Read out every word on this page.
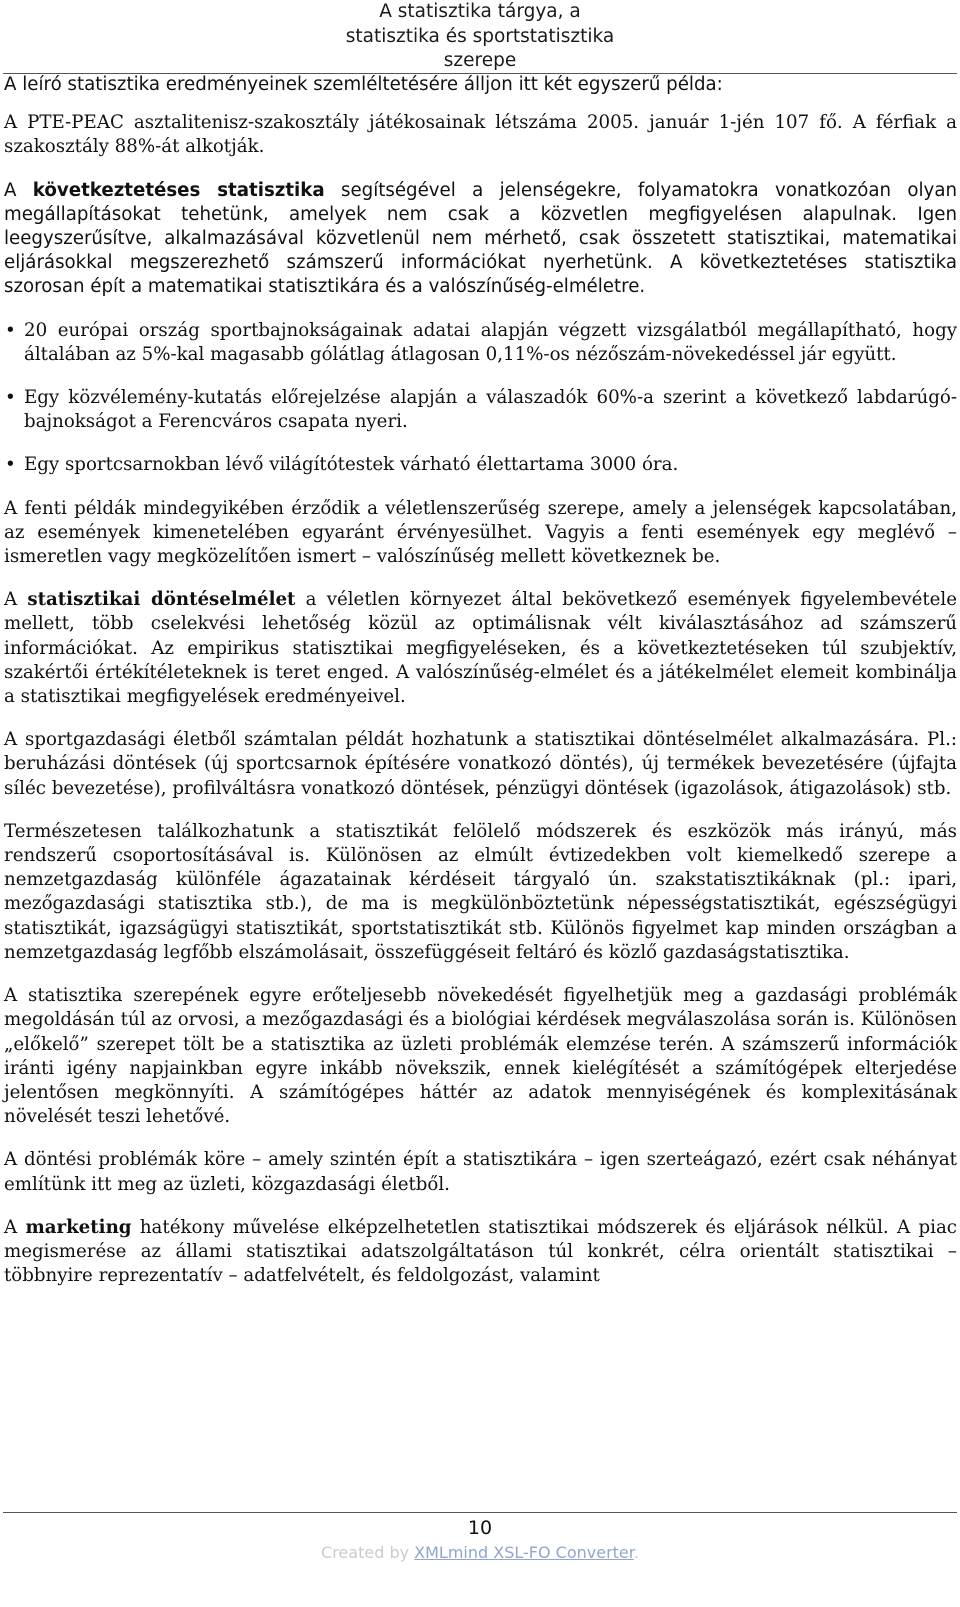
A statisztika tárgya, a
statisztika és sportstatisztika
szerepe

A leíró statisztika eredményeinek szemléltetésére álljon itt két egyszerű példa:

A PTE-PEAC asztalitenisz-szakosztály játékosainak létszáma 2005. január 1-jén 107 fő. A férfiak a szakosztály 88%-át alkotják.

A következtetéses statisztika segítségével a jelenségekre, folyamatokra vonatkozóan olyan megállapításokat tehetünk, amelyek nem csak a közvetlen megfigyelésen alapulnak. Igen leegyszerűsítve, alkalmazásával közvetlenül nem mérhető, csak összetett statisztikai, matematikai eljárásokkal megszerezhető számszerű információkat nyerhetünk. A következtetéses statisztika szorosan épít a matematikai statisztikára és a valószínűség-elméletre.

• 20 európai ország sportbajnokságainak adatai alapján végzett vizsgálatból megállapítható, hogy általában az 5%-kal magasabb gólátlag átlagosan 0,11%-os nézőszám-növekedéssel jár együtt.
• Egy közvélemény-kutatás előrejelzése alapján a válaszadók 60%-a szerint a következő labdarúgó-bajnokságot a Ferencváros csapata nyeri.
• Egy sportcsarnokban lévő világítótestek várható élettartama 3000 óra.

A fenti példák mindegyikében érződik a véletlenszerűség szerepe, amely a jelenségek kapcsolatában, az események kimenetelében egyaránt érvényesülhet. Vagyis a fenti események egy meglévő – ismeretlen vagy megközelítően ismert – valószínűség mellett következnek be.

A statisztikai döntéselmélet a véletlen környezet által bekövetkező események figyelembevétele mellett, több cselekvési lehetőség közül az optimálisnak vélt kiválasztásához ad számszerű információkat. Az empirikus statisztikai megfigyeléseken, és a következtetéseken túl szubjektív, szakértői értékítéleteknek is teret enged. A valószínűség-elmélet és a játékelmélet elemeit kombinálja a statisztikai megfigyelések eredményeivel.

A sportgazdasági életből számtalan példát hozhatunk a statisztikai döntéselmélet alkalmazására. Pl.: beruházási döntések (új sportcsarnok építésére vonatkozó döntés), új termékek bevezetésére (újfajta síléc bevezetése), profilváltásra vonatkozó döntések, pénzügyi döntések (igazolások, átigazolások) stb.

Természetesen találkozhatunk a statisztikát felölelő módszerek és eszközök más irányú, más rendszerű csoportosításával is. Különösen az elmúlt évtizedekben volt kiemelkedő szerepe a nemzetgazdaság különféle ágazatainak kérdéseit tárgyaló ún. szakstatisztikáknak (pl.: ipari, mezőgazdasági statisztika stb.), de ma is megkülönböztetünk népességstatisztikát, egészségügyi statisztikát, igazságügyi statisztikát, sportstatisztikát stb. Különös figyelmet kap minden országban a nemzetgazdaság legfőbb elszámolásait, összefüggéseit feltáró és közlő gazdaságstatisztika.

A statisztika szerepének egyre erőteljesebb növekedését figyelhetjük meg a gazdasági problémák megoldásán túl az orvosi, a mezőgazdasági és a biológiai kérdések megválaszolása során is. Különösen „előkelő” szerepet tölt be a statisztika az üzleti problémák elemzése terén. A számszerű információk iránti igény napjainkban egyre inkább növekszik, ennek kielégítését a számítógépek elterjedése jelentősen megkönnyíti. A számítógépes háttér az adatok mennyiségének és komplexitásának növelését teszi lehetővé.

A döntési problémák köre – amely szintén épít a statisztikára – igen szerteágazó, ezért csak néhányat említünk itt meg az üzleti, közgazdasági életből.

A marketing hatékony művelése elképzelhetetlen statisztikai módszerek és eljárások nélkül. A piac megismerése az állami statisztikai adatszolgáltatáson túl konkrét, célra orientált statisztikai – többnyire reprezentatív – adatfelvételt, és feldolgozást, valamint

10
Created by XMLmind XSL-FO Converter.
